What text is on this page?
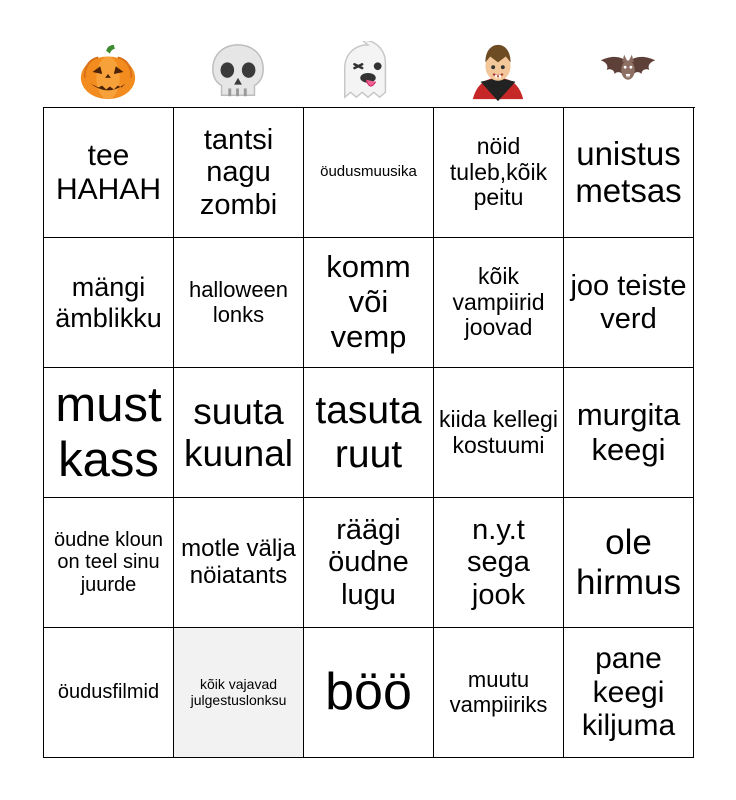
tee HAHAH
tantsi nagu zombi
öudusmuusika
nöid tuleb,kõik peitu
unistus metsas
mängi ämblikku
halloween lonks
komm või vemp
kõik vampiirid joovad
joo teiste verd
must kass
suuta kuunal
tasuta ruut
kiida kellegi kostuumi
murgita keegi
öudne kloun on teel sinu juurde
motle välja nöiatants
räägi öudne lugu
n.y.t sega jook
ole hirmus
öudusfilmid	kõik vajavad julgestuslonksu böö	muutu vampiiriks
pane keegi kiljuma
